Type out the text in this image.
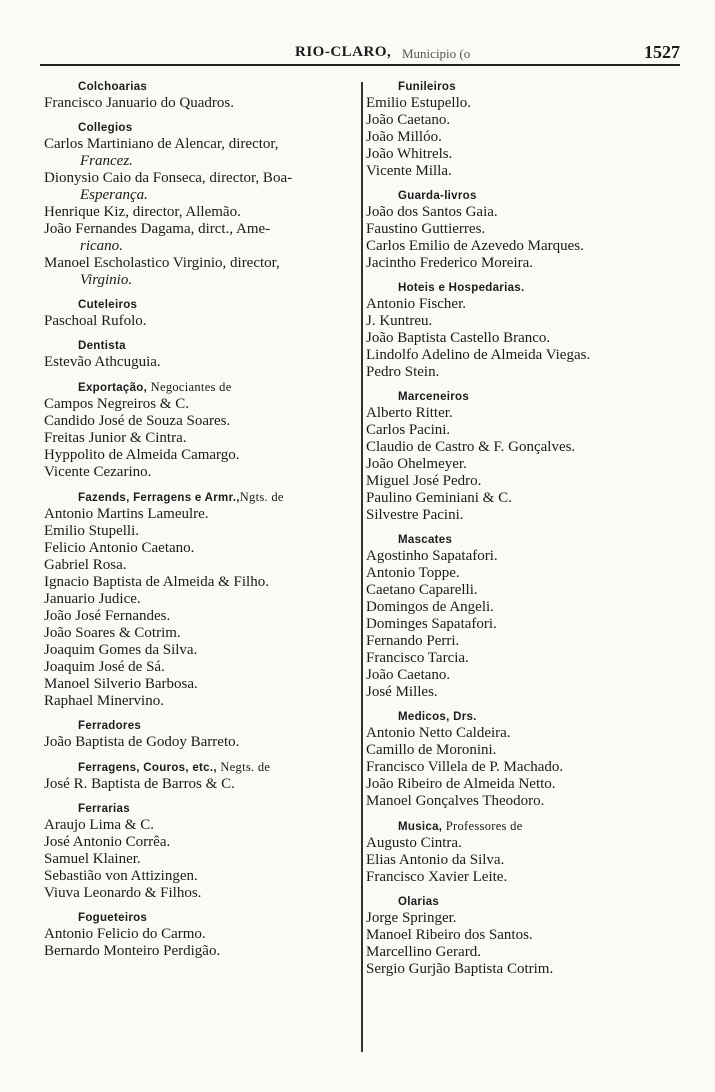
RIO-CLARO, Municipio (o	1527

Colchoarias

Francisco Januario do Quadros.

Collegios

Carlos Martiniano de Alencar, director,

Francez.

Dionysio Caio da Fonseca, director, Boa-

Esperança.

Henrique Kiz, director, Allemão.

João Fernandes Dagama, dirct., Ame-

ricano.

Manoel Escholastico Virginio, director,

Virginio.

Cuteleiros

Paschoal Rufolo.

Dentista

Estevão Athcuguia.

Exportação, Negociantes de

Campos Negreiros & C.

Candido José de Souza Soares.

Freitas Junior & Cintra.

Hyppolito de Almeida Camargo.

Vicente Cezarino.

Fazends, Ferragens e Armr.,Ngts. de

Antonio Martins Lameulre.

Emilio Stupelli.

Felicio Antonio Caetano.

Gabriel Rosa.

Ignacio Baptista de Almeida & Filho.

Januario Judice.

João José Fernandes.

João Soares & Cotrim.

Joaquim Gomes da Silva.

Joaquim José de Sá.

Manoel Silverio Barbosa.

Raphael Minervino.

Ferradores

João Baptista de Godoy Barreto.

Ferragens, Couros, etc., Negts. de

José R. Baptista de Barros & C.

Ferrarias

Araujo Lima & C.

José Antonio Corrêa.

Samuel Klainer.

Sebastião von Attizingen.

Viuva Leonardo & Filhos.

Fogueteiros

Antonio Felicio do Carmo.

Bernardo Monteiro Perdigão.

Funileiros

Emilio Estupello.

João Caetano.

João Millóo.

João Whitrels.

Vicente Milla.

Guarda-livros

João dos Santos Gaia.

Faustino Guttierres.

Carlos Emilio de Azevedo Marques.

Jacintho Frederico Moreira.

Hoteis e Hospedarias.

Antonio Fischer.

J. Kuntreu.

João Baptista Castello Branco.

Lindolfo Adelino de Almeida Viegas.

Pedro Stein.

Marceneiros

Alberto Ritter.

Carlos Pacini.

Claudio de Castro & F. Gonçalves.

João Ohelmeyer.

Miguel José Pedro.

Paulino Geminiani & C.

Silvestre Pacini.

Mascates

Agostinho Sapatafori.

Antonio Toppe.

Caetano Caparelli.

Domingos de Angeli.

Dominges Sapatafori.

Fernando Perri.

Francisco Tarcia.

João Caetano.

José Milles.

Medicos, Drs.

Antonio Netto Caldeira.

Camillo de Moronini.

Francisco Villela de P. Machado.

João Ribeiro de Almeida Netto.

Manoel Gonçalves Theodoro.

Musica, Professores de

Augusto Cintra.

Elias Antonio da Silva.

Francisco Xavier Leite.

Olarias

Jorge Springer.

Manoel Ribeiro dos Santos.

Marcellino Gerard.

Sergio Gurjão Baptista Cotrim.
